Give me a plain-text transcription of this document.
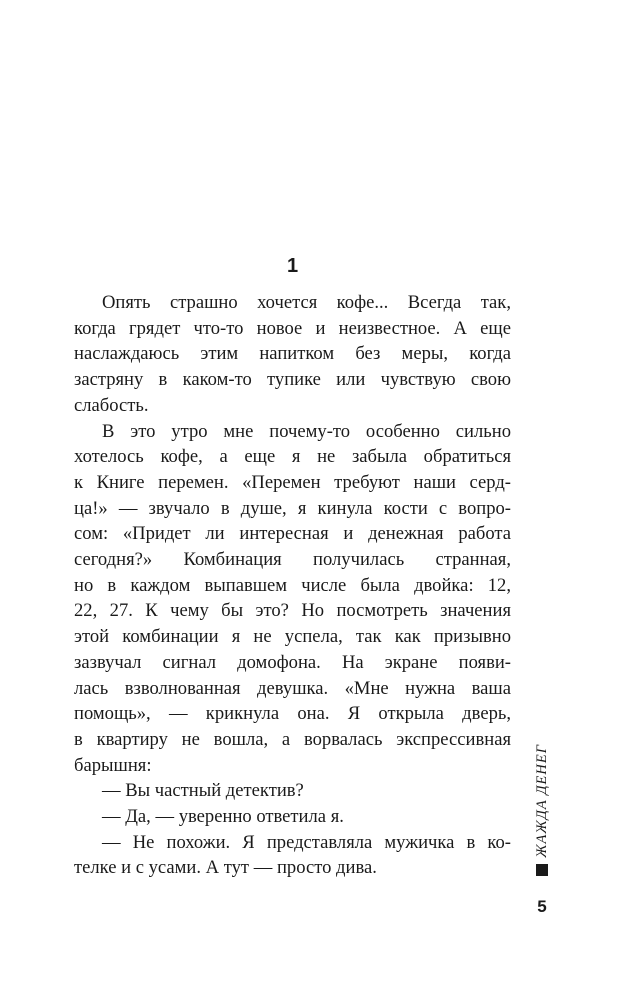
1
Опять страшно хочется кофе... Всегда так,
когда грядет что-то новое и неизвестное. А еще
наслаждаюсь этим напитком без меры, когда
застряну в каком-то тупике или чувствую свою
слабость.
В это утро мне почему-то особенно сильно
хотелось кофе, а еще я не забыла обратиться
к Книге перемен. «Перемен требуют наши серд-
ца!» — звучало в душе, я кинула кости с вопро-
сом: «Придет ли интересная и денежная работа
сегодня?» Комбинация получилась странная,
но в каждом выпавшем числе была двойка: 12,
22, 27. К чему бы это? Но посмотреть значения
этой комбинации я не успела, так как призывно
зазвучал сигнал домофона. На экране появи-
лась взволнованная девушка. «Мне нужна ваша
помощь», — крикнула она. Я открыла дверь,
в квартиру не вошла, а ворвалась экспрессивная
барышня:
— Вы частный детектив?
— Да, — уверенно ответила я.
— Не похожи. Я представляла мужичка в ко-
телке и с усами. А тут — просто дива.
ЖАЖДА ДЕНЕГ
5
